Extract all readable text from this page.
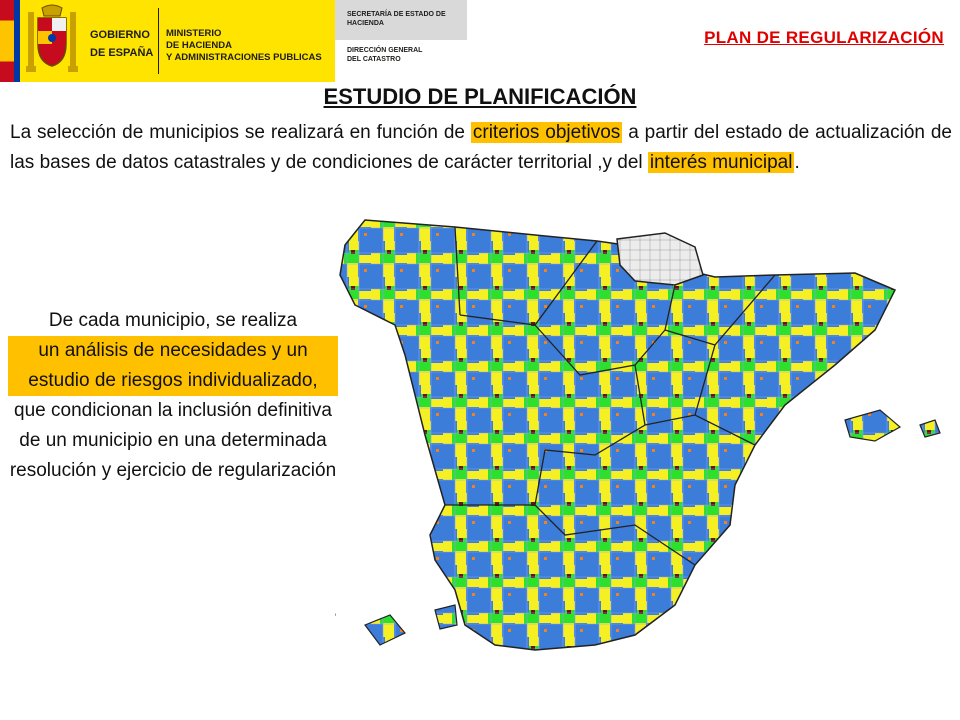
GOBIERNO
DE ESPAÑA
MINISTERIO
DE HACIENDA
Y ADMINISTRACIONES PUBLICAS
SECRETARÍA DE ESTADO DE
HACIENDA
DIRECCIÓN GENERAL
DEL CATASTRO
PLAN DE REGULARIZACIÓN
ESTUDIO DE PLANIFICACIÓN
La selección de municipios se realizará en función de criterios objetivos a partir del estado de actualización de las bases de datos catastrales y de condiciones de carácter territorial ,y del interés municipal .
De cada municipio, se realiza
un análisis de necesidades y un estudio de riesgos individualizado,
que condicionan la inclusión definitiva de un municipio en una determinada resolución y ejercicio de regularización
